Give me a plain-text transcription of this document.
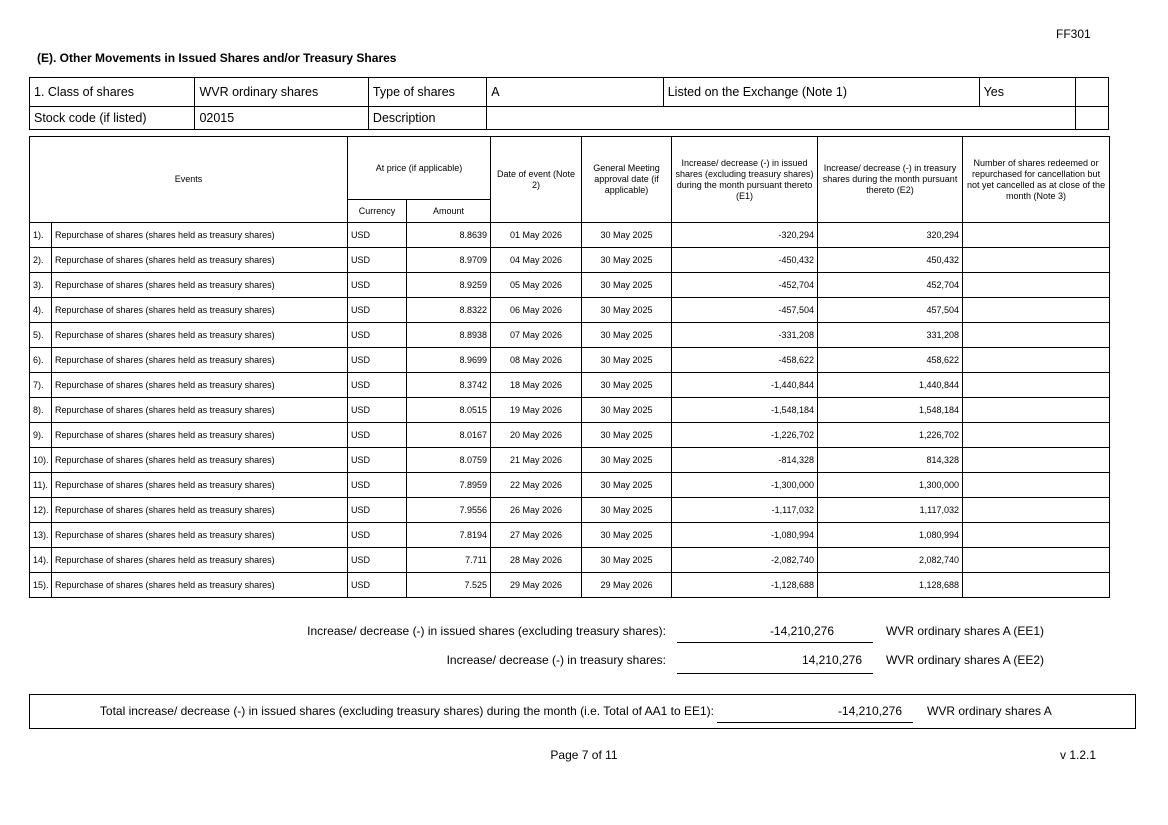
FF301
(E). Other Movements in Issued Shares and/or Treasury Shares
1. Class of shares	WVR ordinary shares	Type of shares	A	Listed on the Exchange (Note 1)	Yes	
Stock code (if listed)	02015	Description				
Events		At price (if applicable)		Date of event (Note 2)	General Meeting approval date (if applicable)	Increase/ decrease (-) in issued shares (excluding treasury shares) during the month pursuant thereto (E1)	Increase/ decrease (-) in treasury shares during the month pursuant thereto (E2)	Number of shares redeemed or repurchased for cancellation but not yet cancelled as at close of the month (Note 3)
		Currency	Amount					
1).	Repurchase of shares (shares held as treasury shares)	USD	8.8639	01 May 2026	30 May 2025	-320,294	320,294	
2).	Repurchase of shares (shares held as treasury shares)	USD	8.9709	04 May 2026	30 May 2025	-450,432	450,432	
3).	Repurchase of shares (shares held as treasury shares)	USD	8.9259	05 May 2026	30 May 2025	-452,704	452,704	
4).	Repurchase of shares (shares held as treasury shares)	USD	8.8322	06 May 2026	30 May 2025	-457,504	457,504	
5).	Repurchase of shares (shares held as treasury shares)	USD	8.8938	07 May 2026	30 May 2025	-331,208	331,208	
6).	Repurchase of shares (shares held as treasury shares)	USD	8.9699	08 May 2026	30 May 2025	-458,622	458,622	
7).	Repurchase of shares (shares held as treasury shares)	USD	8.3742	18 May 2026	30 May 2025	-1,440,844	1,440,844	
8).	Repurchase of shares (shares held as treasury shares)	USD	8.0515	19 May 2026	30 May 2025	-1,548,184	1,548,184	
9).	Repurchase of shares (shares held as treasury shares)	USD	8.0167	20 May 2026	30 May 2025	-1,226,702	1,226,702	
10).	Repurchase of shares (shares held as treasury shares)	USD	8.0759	21 May 2026	30 May 2025	-814,328	814,328	
11).	Repurchase of shares (shares held as treasury shares)	USD	7.8959	22 May 2026	30 May 2025	-1,300,000	1,300,000	
12).	Repurchase of shares (shares held as treasury shares)	USD	7.9556	26 May 2026	30 May 2025	-1,117,032	1,117,032	
13).	Repurchase of shares (shares held as treasury shares)	USD	7.8194	27 May 2026	30 May 2025	-1,080,994	1,080,994	
14).	Repurchase of shares (shares held as treasury shares)	USD	7.711	28 May 2026	30 May 2025	-2,082,740	2,082,740	
15).	Repurchase of shares (shares held as treasury shares)	USD	7.525	29 May 2026	29 May 2026	-1,128,688	1,128,688	
Increase/ decrease (-) in issued shares (excluding treasury shares):	-14,210,276	WVR ordinary shares A (EE1)
Increase/ decrease (-) in treasury shares:	14,210,276 WVR ordinary shares A (EE2)
Total increase/ decrease (-) in issued shares (excluding treasury shares) during the month (i.e. Total of AA1 to EE1):	-14,210,276 WVR ordinary shares A
Page 7 of 11	v 1.2.1
